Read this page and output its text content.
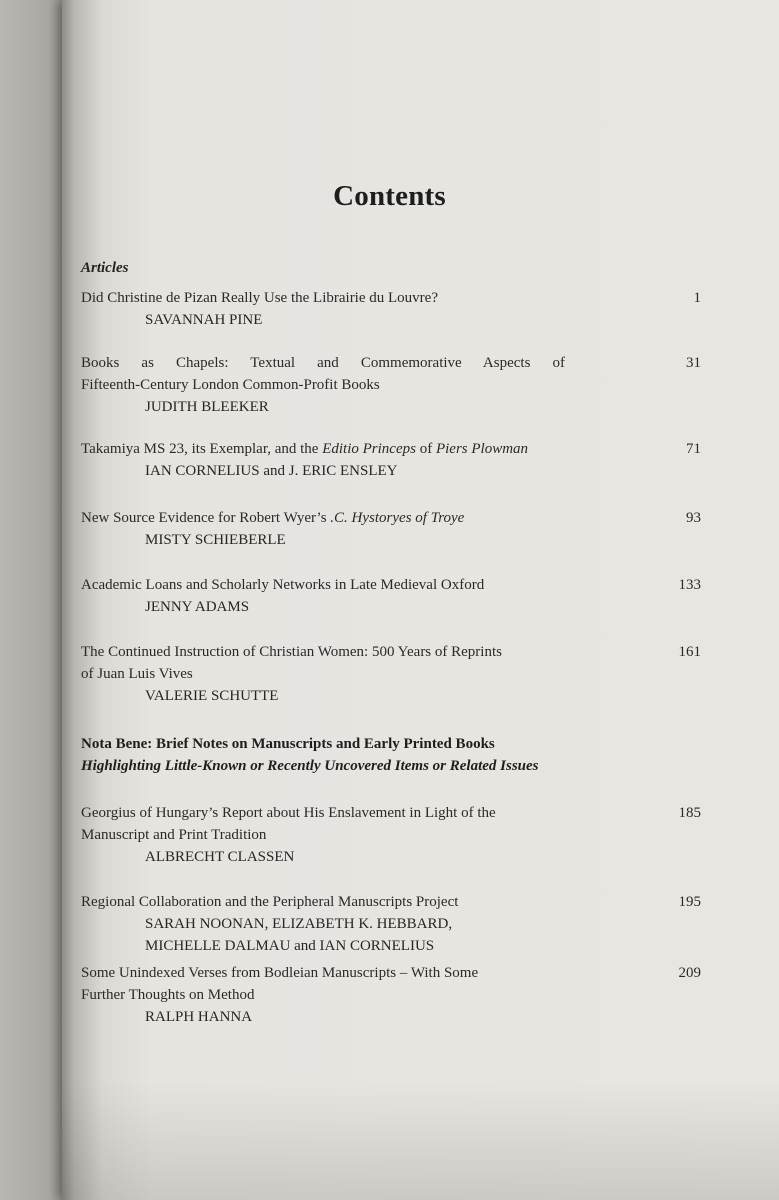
Contents
Articles
Did Christine de Pizan Really Use the Librairie du Louvre?
SAVANNAH PINE
1
Books as Chapels: Textual and Commemorative Aspects of
Fifteenth-Century London Common-Profit Books
JUDITH BLEEKER
31
Takamiya MS 23, its Exemplar, and the Editio Princeps of Piers Plowman
IAN CORNELIUS and J. ERIC ENSLEY
71
New Source Evidence for Robert Wyer’s .C. Hystoryes of Troye
MISTY SCHIEBERLE
93
Academic Loans and Scholarly Networks in Late Medieval Oxford
JENNY ADAMS
133
The Continued Instruction of Christian Women: 500 Years of Reprints
of Juan Luis Vives
VALERIE SCHUTTE
161
Nota Bene: Brief Notes on Manuscripts and Early Printed Books
Highlighting Little-Known or Recently Uncovered Items or Related Issues
Georgius of Hungary’s Report about His Enslavement in Light of the
Manuscript and Print Tradition
ALBRECHT CLASSEN
185
Regional Collaboration and the Peripheral Manuscripts Project
SARAH NOONAN, ELIZABETH K. HEBBARD,
MICHELLE DALMAU and IAN CORNELIUS
195
Some Unindexed Verses from Bodleian Manuscripts – With Some
Further Thoughts on Method
RALPH HANNA
209
